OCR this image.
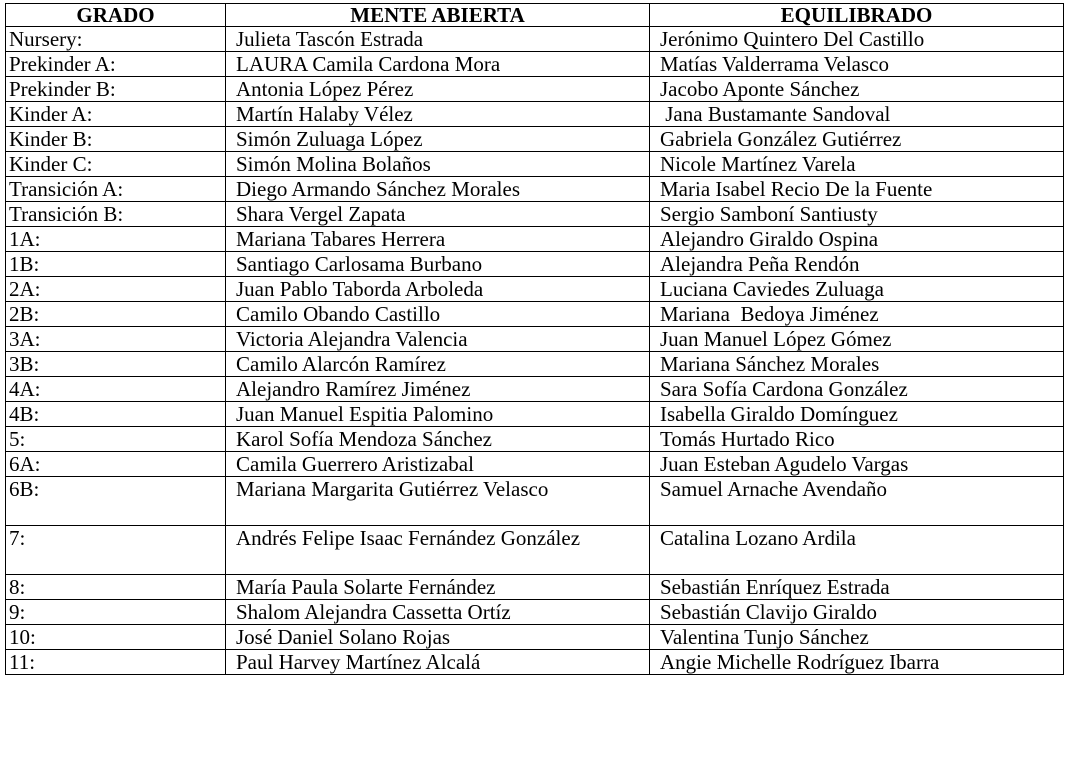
GRADO	MENTE ABIERTA	EQUILIBRADO
Nursery:	Julieta Tascón Estrada	Jerónimo Quintero Del Castillo
Prekinder A:	LAURA Camila Cardona Mora	Matías Valderrama Velasco
Prekinder B:	Antonia López Pérez	Jacobo Aponte Sánchez
Kinder A:	Martín Halaby Vélez	Jana Bustamante Sandoval
Kinder B:	Simón Zuluaga López	Gabriela González Gutiérrez
Kinder C:	Simón Molina Bolaños	Nicole Martínez Varela
Transición A:	Diego Armando Sánchez Morales	Maria Isabel Recio De la Fuente
Transición B:	Shara Vergel Zapata	Sergio Samboní Santiusty
1A:	Mariana Tabares Herrera	Alejandro Giraldo Ospina
1B:	Santiago Carlosama Burbano	Alejandra Peña Rendón
2A:	Juan Pablo Taborda Arboleda	Luciana Caviedes Zuluaga
2B:	Camilo Obando Castillo	Mariana  Bedoya Jiménez
3A:	Victoria Alejandra Valencia	Juan Manuel López Gómez
3B:	Camilo Alarcón Ramírez	Mariana Sánchez Morales
4A:	Alejandro Ramírez Jiménez	Sara Sofía Cardona González
4B:	Juan Manuel Espitia Palomino	Isabella Giraldo Domínguez
5:	Karol Sofía Mendoza Sánchez	Tomás Hurtado Rico
6A:	Camila Guerrero Aristizabal	Juan Esteban Agudelo Vargas
6B:	Mariana Margarita Gutiérrez Velasco	Samuel Arnache Avendaño
7:	Andrés Felipe Isaac Fernández González	Catalina Lozano Ardila
8:	María Paula Solarte Fernández	Sebastián Enríquez Estrada
9:	Shalom Alejandra Cassetta Ortíz	Sebastián Clavijo Giraldo
10:	José Daniel Solano Rojas	Valentina Tunjo Sánchez
11:	Paul Harvey Martínez Alcalá	Angie Michelle Rodríguez Ibarra
